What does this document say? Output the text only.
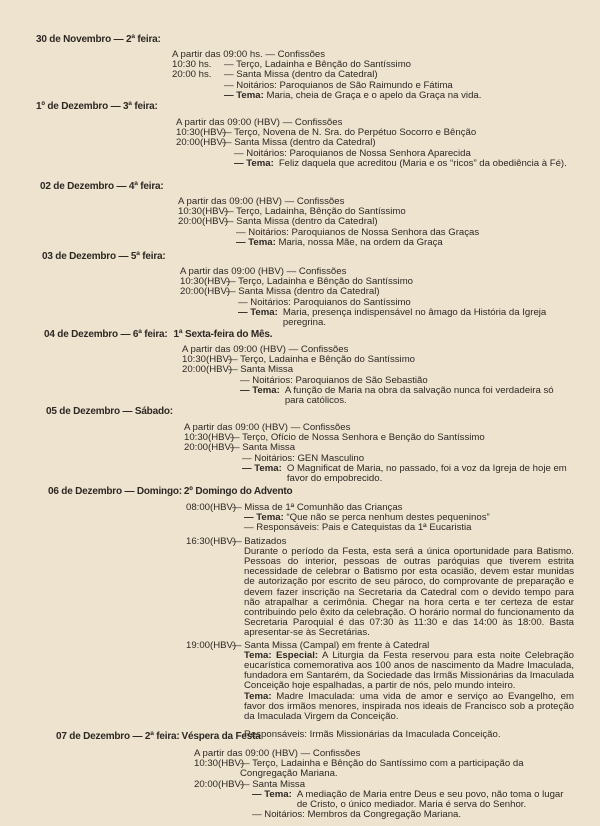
30 de Novembro — 2ª feira:
A partir das 09:00 hs. — Confissões
10:30 hs.	— Terço, Ladainha e Bênção do Santíssimo
20:00 hs.	— Santa Missa (dentro da Catedral)
— Noitários: Paroquianos de São Raimundo e Fátima
— Tema: Maria, cheia de Graça e o apelo da Graça na vida.
1º de Dezembro — 3ª feira:
A partir das 09:00 (HBV) — Confissões
10:30(HBV)
— Terço, Novena de N. Sra. do Perpétuo Socorro e Bênção
20:00(HBV)
— Santa Missa (dentro da Catedral)
— Noitários: Paroquianos de Nossa Senhora Aparecida
— Tema: Feliz daquela que acreditou (Maria e os “ricos” da obediência à Fé).
02 de Dezembro — 4ª feira:
A partir das 09:00 (HBV) — Confissões
10:30(HBV)
— Terço, Ladainha, Bênção do Santíssimo
20:00(HBV)
— Santa Missa (dentro da Catedral)
— Noitários: Paroquianos de Nossa Senhora das Graças
— Tema: Maria, nossa Mãe, na ordem da Graça
03 de Dezembro — 5ª feira:
A partir das 09:00 (HBV) — Confissões
10:30(HBV)
— Terço, Ladainha e Bênção do Santíssimo
20:00(HBV)
— Santa Missa (dentro da Catedral)
— Noitários: Paroquianos do Santíssimo
— Tema: Maria, presença indispensável no âmago da História da Igreja peregrina.
04 de Dezembro — 6ª feira: 1ª Sexta-feira do Mês.
A partir das 09:00 (HBV) — Confissões
10:30(HBV)
— Terço, Ladainha e Bênção do Santíssimo
20:00(HBV)
— Santa Missa
— Noitários: Paroquianos de São Sebastião
— Tema: A função de Maria na obra da salvação nunca foi verdadeira só para católicos.
05 de Dezembro — Sábado:
A partir das 09:00 (HBV) — Confissões
10:30(HBV)
— Terço, Ofício de Nossa Senhora e Benção do Santíssimo
20:00(HBV)
— Santa Missa
— Noitários: GEN Masculino
— Tema: O Magnificat de Maria, no passado, foi a voz da Igreja de hoje em favor do empobrecido.
06 de Dezembro — Domingo: 2º Domingo do Advento
08:00(HBV)
— Missa de 1ª Comunhão das Crianças
— Tema: “Que não se perca nenhum destes pequeninos”
— Responsáveis: Pais e Catequistas da 1ª Eucaristia
16:30(HBV)
— Batizados
Durante o período da Festa, esta será a única oportunidade para Batismo. Pessoas do interior, pessoas de outras paróquias que tiverem estrita necessidade de celebrar o Batismo por esta ocasião, devem estar munidas de autorização por escrito de seu pároco, do comprovante de preparação e devem fazer inscrição na Secretaria da Catedral com o devido tempo para não atrapalhar a cerimônia. Chegar na hora certa e ter certeza de estar contribuindo pelo êxito da celebração. O horário normal do funcionamento da Secretaria Paroquial é das 07:30 às 11:30 e das 14:00 às 18:00. Basta apresentar-se às Secretárias.
19:00(HBV)
— Santa Missa (Campal) em frente à Catedral
Tema: Especial: A Liturgia da Festa reservou para esta noite Celebração eucarística comemorativa aos 100 anos de nascimento da Madre Imaculada, fundadora em Santarém, da Sociedade das Irmãs Missionárias da Imaculada Conceição hoje espalhadas, a partir de nós, pelo mundo inteiro.
Tema: Madre Imaculada: uma vida de amor e serviço ao Evangelho, em favor dos irmãos menores, inspirada nos ideais de Francisco sob a proteção da Imaculada Virgem da Conceição.
Responsáveis: Irmãs Missionárias da Imaculada Conceição.
07 de Dezembro — 2ª feira: Véspera da Festa
A partir das 09:00 (HBV) — Confissões
10:30(HBV)
— Terço, Ladainha e Bênção do Santíssimo com a participação da Congregação Mariana.
20:00(HBV)
— Santa Missa
— Tema: A mediação de Maria entre Deus e seu povo, não toma o lugar de Cristo, o único mediador. Maria é serva do Senhor.
— Noitários: Membros da Congregação Mariana.
